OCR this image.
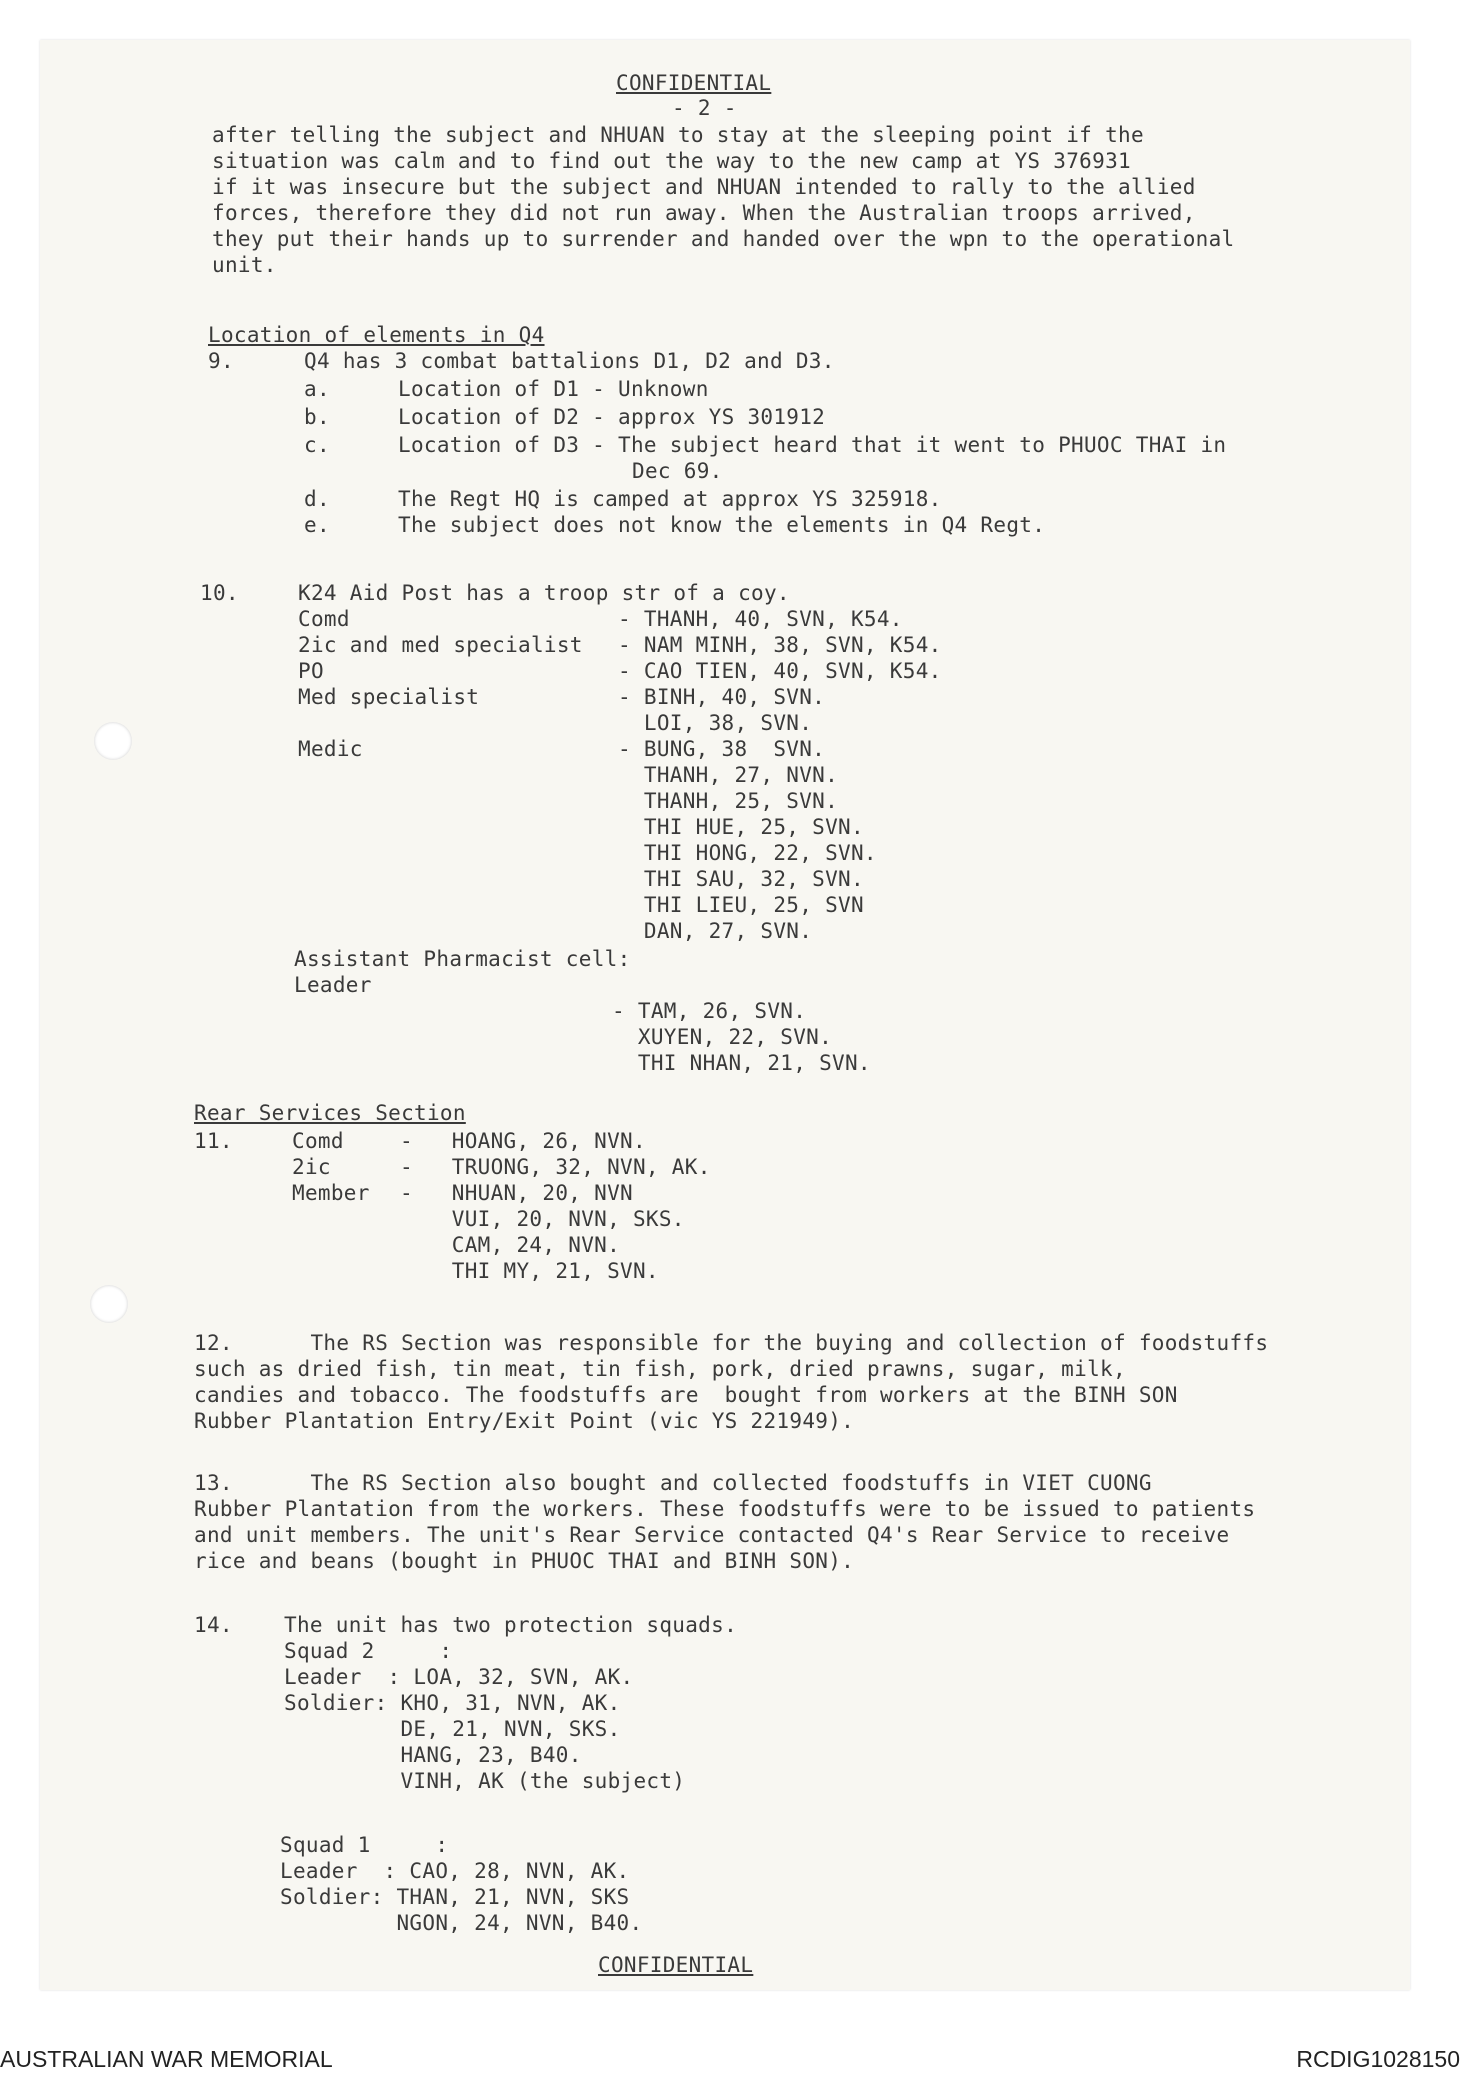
CONFIDENTIAL
- 2 -
after telling the subject and NHUAN to stay at the sleeping point if the
situation was calm and to find out the way to the new camp at YS 376931
if it was insecure but the subject and NHUAN intended to rally to the allied
forces, therefore they did not run away. When the Australian troops arrived,
they put their hands up to surrender and handed over the wpn to the operational
unit.
Location of elements in Q4
9.	Q4 has 3 combat battalions D1, D2 and D3.
a.	Location of D1 - Unknown
b.	Location of D2 - approx YS 301912
c.	Location of D3 - The subject heard that it went to PHUOC THAI in
Dec 69.
d.	The Regt HQ is camped at approx YS 325918.
e.	The subject does not know the elements in Q4 Regt.
10.	K24 Aid Post has a troop str of a coy.
Comd	- THANH, 40, SVN, K54.
2ic and med specialist - NAM MINH, 38, SVN, K54.
PO	- CAO TIEN, 40, SVN, K54.
Med specialist	- BINH, 40, SVN.
LOI, 38, SVN.
Medic	- BUNG, 38  SVN.
THANH, 27, NVN.
THANH, 25, SVN.
THI HUE, 25, SVN.
THI HONG, 22, SVN.
THI SAU, 32, SVN.
THI LIEU, 25, SVN
DAN, 27, SVN.
Assistant Pharmacist cell:
Leader
- TAM, 26, SVN.
XUYEN, 22, SVN.
THI NHAN, 21, SVN.
Rear Services Section
11.	Comd	-   HOANG, 26, NVN.
2ic	-   TRUONG, 32, NVN, AK.
Member -   NHUAN, 20, NVN
VUI, 20, NVN, SKS.
CAM, 24, NVN.
THI MY, 21, SVN.
12.      The RS Section was responsible for the buying and collection of foodstuffs
such as dried fish, tin meat, tin fish, pork, dried prawns, sugar, milk,
candies and tobacco. The foodstuffs are  bought from workers at the BINH SON
Rubber Plantation Entry/Exit Point (vic YS 221949).
13.      The RS Section also bought and collected foodstuffs in VIET CUONG
Rubber Plantation from the workers. These foodstuffs were to be issued to patients
and unit members. The unit's Rear Service contacted Q4's Rear Service to receive
rice and beans (bought in PHUOC THAI and BINH SON).
14. The unit has two protection squads.
Squad 2     :
Leader  : LOA, 32, SVN, AK.
Soldier: KHO, 31, NVN, AK.
DE, 21, NVN, SKS.
HANG, 23, B40.
VINH, AK (the subject)
Squad 1     :
Leader  : CAO, 28, NVN, AK.
Soldier: THAN, 21, NVN, SKS
NGON, 24, NVN, B40.
CONFIDENTIAL
AUSTRALIAN WAR MEMORIAL	RCDIG1028150
